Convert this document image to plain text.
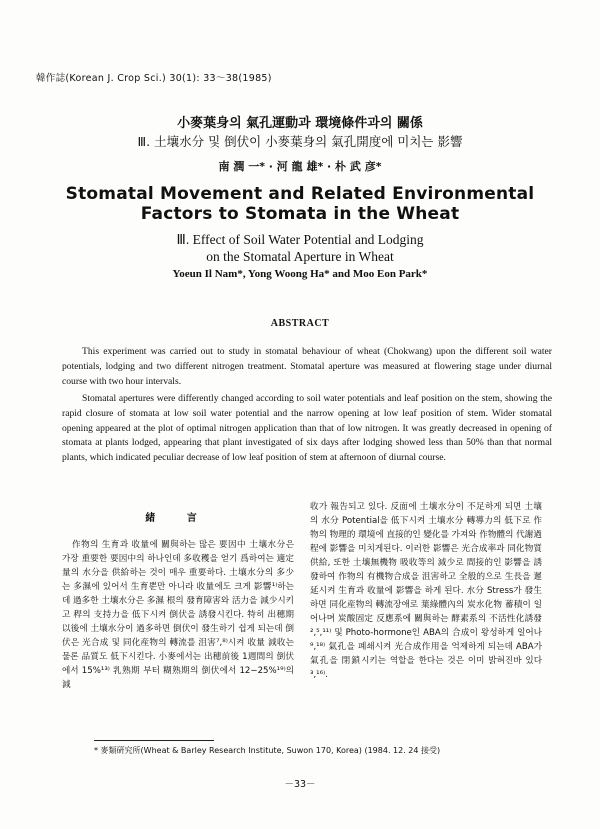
韓作誌(Korean J. Crop Sci.) 30(1): 33～38(1985)
小麥葉身의 氣孔運動과 環境條件과의 關係
Ⅲ. 土壤水分 및 倒伏이 小麥葉身의 氣孔開度에 미치는 影響
南 潤 一* · 河 龍 雄* · 朴 武 彦*
Stomatal Movement and Related Environmental
Factors to Stomata in the Wheat
Ⅲ. Effect of Soil Water Potential and Lodging
on the Stomatal Aperture in Wheat
Yoeun Il Nam*, Yong Woong Ha* and Moo Eon Park*
ABSTRACT

This experiment was carried out to study in stomatal behaviour of wheat (Chokwang) upon the different soil water potentials, lodging and two different nitrogen treatment. Stomatal aperture was measured at flowering stage under diurnal course with two hour intervals.

Stomatal apertures were differently changed according to soil water potentials and leaf position on the stem, showing the rapid closure of stomata at low soil water potential and the narrow opening at low leaf position of stem. Wider stomatal opening appeared at the plot of optimal nitrogen application than that of low nitrogen. It was greatly decreased in opening of stomata at plants lodged, appearing that plant investigated of six days after lodging showed less than 50% than that normal plants, which indicated peculiar decrease of low leaf position of stem at afternoon of diurnal course.

緒 言

作物의 生育과 收量에 關與하는 많은 要因中 土壤水分은 가장 重要한 要因中의 하나인데 多收穫을 얻기 爲하여는 適定量의 水分을 供給하는 것이 매우 重要하다. 土壤水分의 多少는 多濕에 있어서 生育뿐만 아니라 收量에도 크게 影響¹⁾하는데 過多한 土壤水分은 多濕 根의 發育障害와 活力을 減少시키고 稈의 支持力을 低下시켜 倒伏을 誘發시킨다. 特히 出穗期 以後에 土壤水分이 過多하면 倒伏이 發生하기 쉽게 되는데 倒伏은 光合成 및 同化産物의 轉流를 沮害⁷,⁸⁾시켜 收量 減收는 물론 品質도 低下시킨다. 小麥에서는 出穗前後 1週間의 倒伏에서 15%¹³⁾ 乳熟期 부터 糊熟期의 倒伏에서 12−25%¹⁹⁾의 減

收가 報告되고 있다. 反面에 土壤水分이 不足하게 되면 土壤의 水分 Potential을 低下시켜 土壤水分 轉導力의 低下로 作物의 物理的 環境에 直接的인 變化를 가져와 作物體의 代謝過程에 影響을 미치게된다. 이러한 影響은 光合成率과 同化物質 供給, 또한 土壤無機物 吸收等의 減少로 間接的인 影響을 誘發하여 作物의 有機物合成을 沮害하고 全般的으로 生長을 遲延시켜 生育과 收量에 影響을 하게 된다. 水分 Stress가 發生하면 同化産物의 轉流장애로 葉綠體內의 炭水化物 蓄積이 일어나며 炭酸固定 反應系에 關與하는 酵素系의 不活性化誘發²,⁵,¹¹⁾ 및 Photo-hormone인 ABA의 合成이 왕성하게 일어나⁹,¹⁸⁾ 氣孔을 폐쇄시켜 光合成作用을 억제하게 되는데 ABA가 氣孔을 閉鎖시키는 역할을 한다는 것은 이미 밝혀진바 있다³,¹⁶⁾.

* 麥類硏究所(Wheat & Barley Research Institute, Suwon 170, Korea) (1984. 12. 24 接受)
－33－
